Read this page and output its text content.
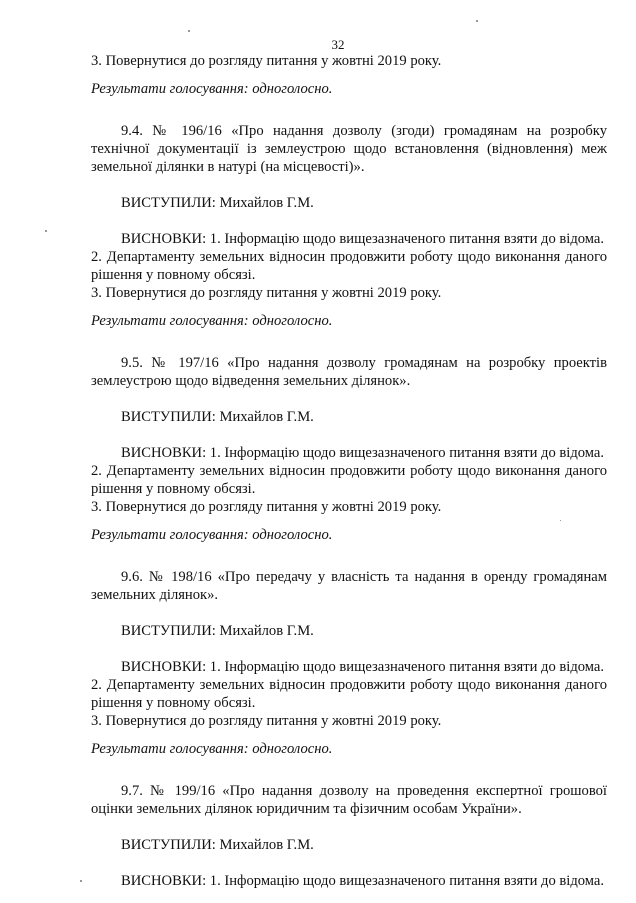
32

3. Повернутися до розгляду питання у жовтні 2019 року.

Результати голосування: одноголосно.

9.4. № 196/16 «Про надання дозволу (згоди) громадянам на розробку технічної документації із землеустрою щодо встановлення (відновлення) меж земельної ділянки в натурі (на місцевості)».

ВИСТУПИЛИ: Михайлов Г.М.

ВИСНОВКИ: 1. Інформацію щодо вищезазначеного питання взяти до відома.

2. Департаменту земельних відносин продовжити роботу щодо виконання даного рішення у повному обсязі.

3. Повернутися до розгляду питання у жовтні 2019 року.

Результати голосування: одноголосно.

9.5. № 197/16 «Про надання дозволу громадянам на розробку проектів землеустрою щодо відведення земельних ділянок».

ВИСТУПИЛИ: Михайлов Г.М.

ВИСНОВКИ: 1. Інформацію щодо вищезазначеного питання взяти до відома.

2. Департаменту земельних відносин продовжити роботу щодо виконання даного рішення у повному обсязі.

3. Повернутися до розгляду питання у жовтні 2019 року.

Результати голосування: одноголосно.

9.6. № 198/16 «Про передачу у власність та надання в оренду громадянам земельних ділянок».

ВИСТУПИЛИ: Михайлов Г.М.

ВИСНОВКИ: 1. Інформацію щодо вищезазначеного питання взяти до відома.

2. Департаменту земельних відносин продовжити роботу щодо виконання даного рішення у повному обсязі.

3. Повернутися до розгляду питання у жовтні 2019 року.

Результати голосування: одноголосно.

9.7. № 199/16 «Про надання дозволу на проведення експертної грошової оцінки земельних ділянок юридичним та фізичним особам України».

ВИСТУПИЛИ: Михайлов Г.М.

ВИСНОВКИ: 1. Інформацію щодо вищезазначеного питання взяти до відома.
